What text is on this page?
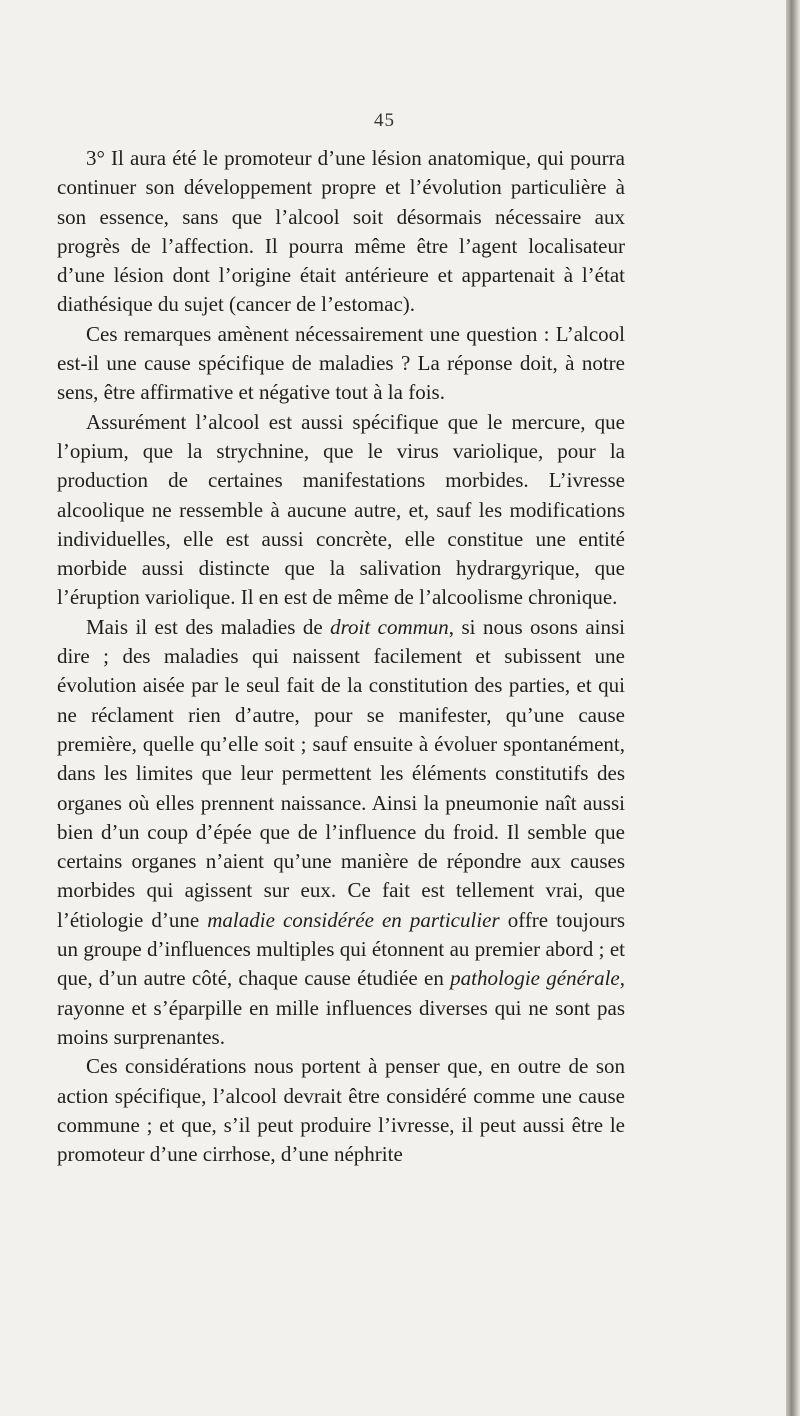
45

3° Il aura été le promoteur d’une lésion anatomique, qui pourra continuer son développement propre et l’évolution particulière à son essence, sans que l’alcool soit désormais nécessaire aux progrès de l’affection. Il pourra même être l’agent localisateur d’une lésion dont l’origine était antérieure et appartenait à l’état diathésique du sujet (cancer de l’estomac).

Ces remarques amènent nécessairement une question : L’alcool est-il une cause spécifique de maladies ? La réponse doit, à notre sens, être affirmative et négative tout à la fois.

Assurément l’alcool est aussi spécifique que le mercure, que l’opium, que la strychnine, que le virus variolique, pour la production de certaines manifestations morbides. L’ivresse alcoolique ne ressemble à aucune autre, et, sauf les modifications individuelles, elle est aussi concrète, elle constitue une entité morbide aussi distincte que la salivation hydrargyrique, que l’éruption variolique. Il en est de même de l’alcoolisme chronique.

Mais il est des maladies de droit commun, si nous osons ainsi dire ; des maladies qui naissent facilement et subissent une évolution aisée par le seul fait de la constitution des parties, et qui ne réclament rien d’autre, pour se manifester, qu’une cause première, quelle qu’elle soit ; sauf ensuite à évoluer spontanément, dans les limites que leur permettent les éléments constitutifs des organes où elles prennent naissance. Ainsi la pneumonie naît aussi bien d’un coup d’épée que de l’influence du froid. Il semble que certains organes n’aient qu’une manière de répondre aux causes morbides qui agissent sur eux. Ce fait est tellement vrai, que l’étiologie d’une maladie considérée en particulier offre toujours un groupe d’influences multiples qui étonnent au premier abord ; et que, d’un autre côté, chaque cause étudiée en pathologie générale, rayonne et s’éparpille en mille influences diverses qui ne sont pas moins surprenantes.

Ces considérations nous portent à penser que, en outre de son action spécifique, l’alcool devrait être considéré comme une cause commune ; et que, s’il peut produire l’ivresse, il peut aussi être le promoteur d’une cirrhose, d’une néphrite
